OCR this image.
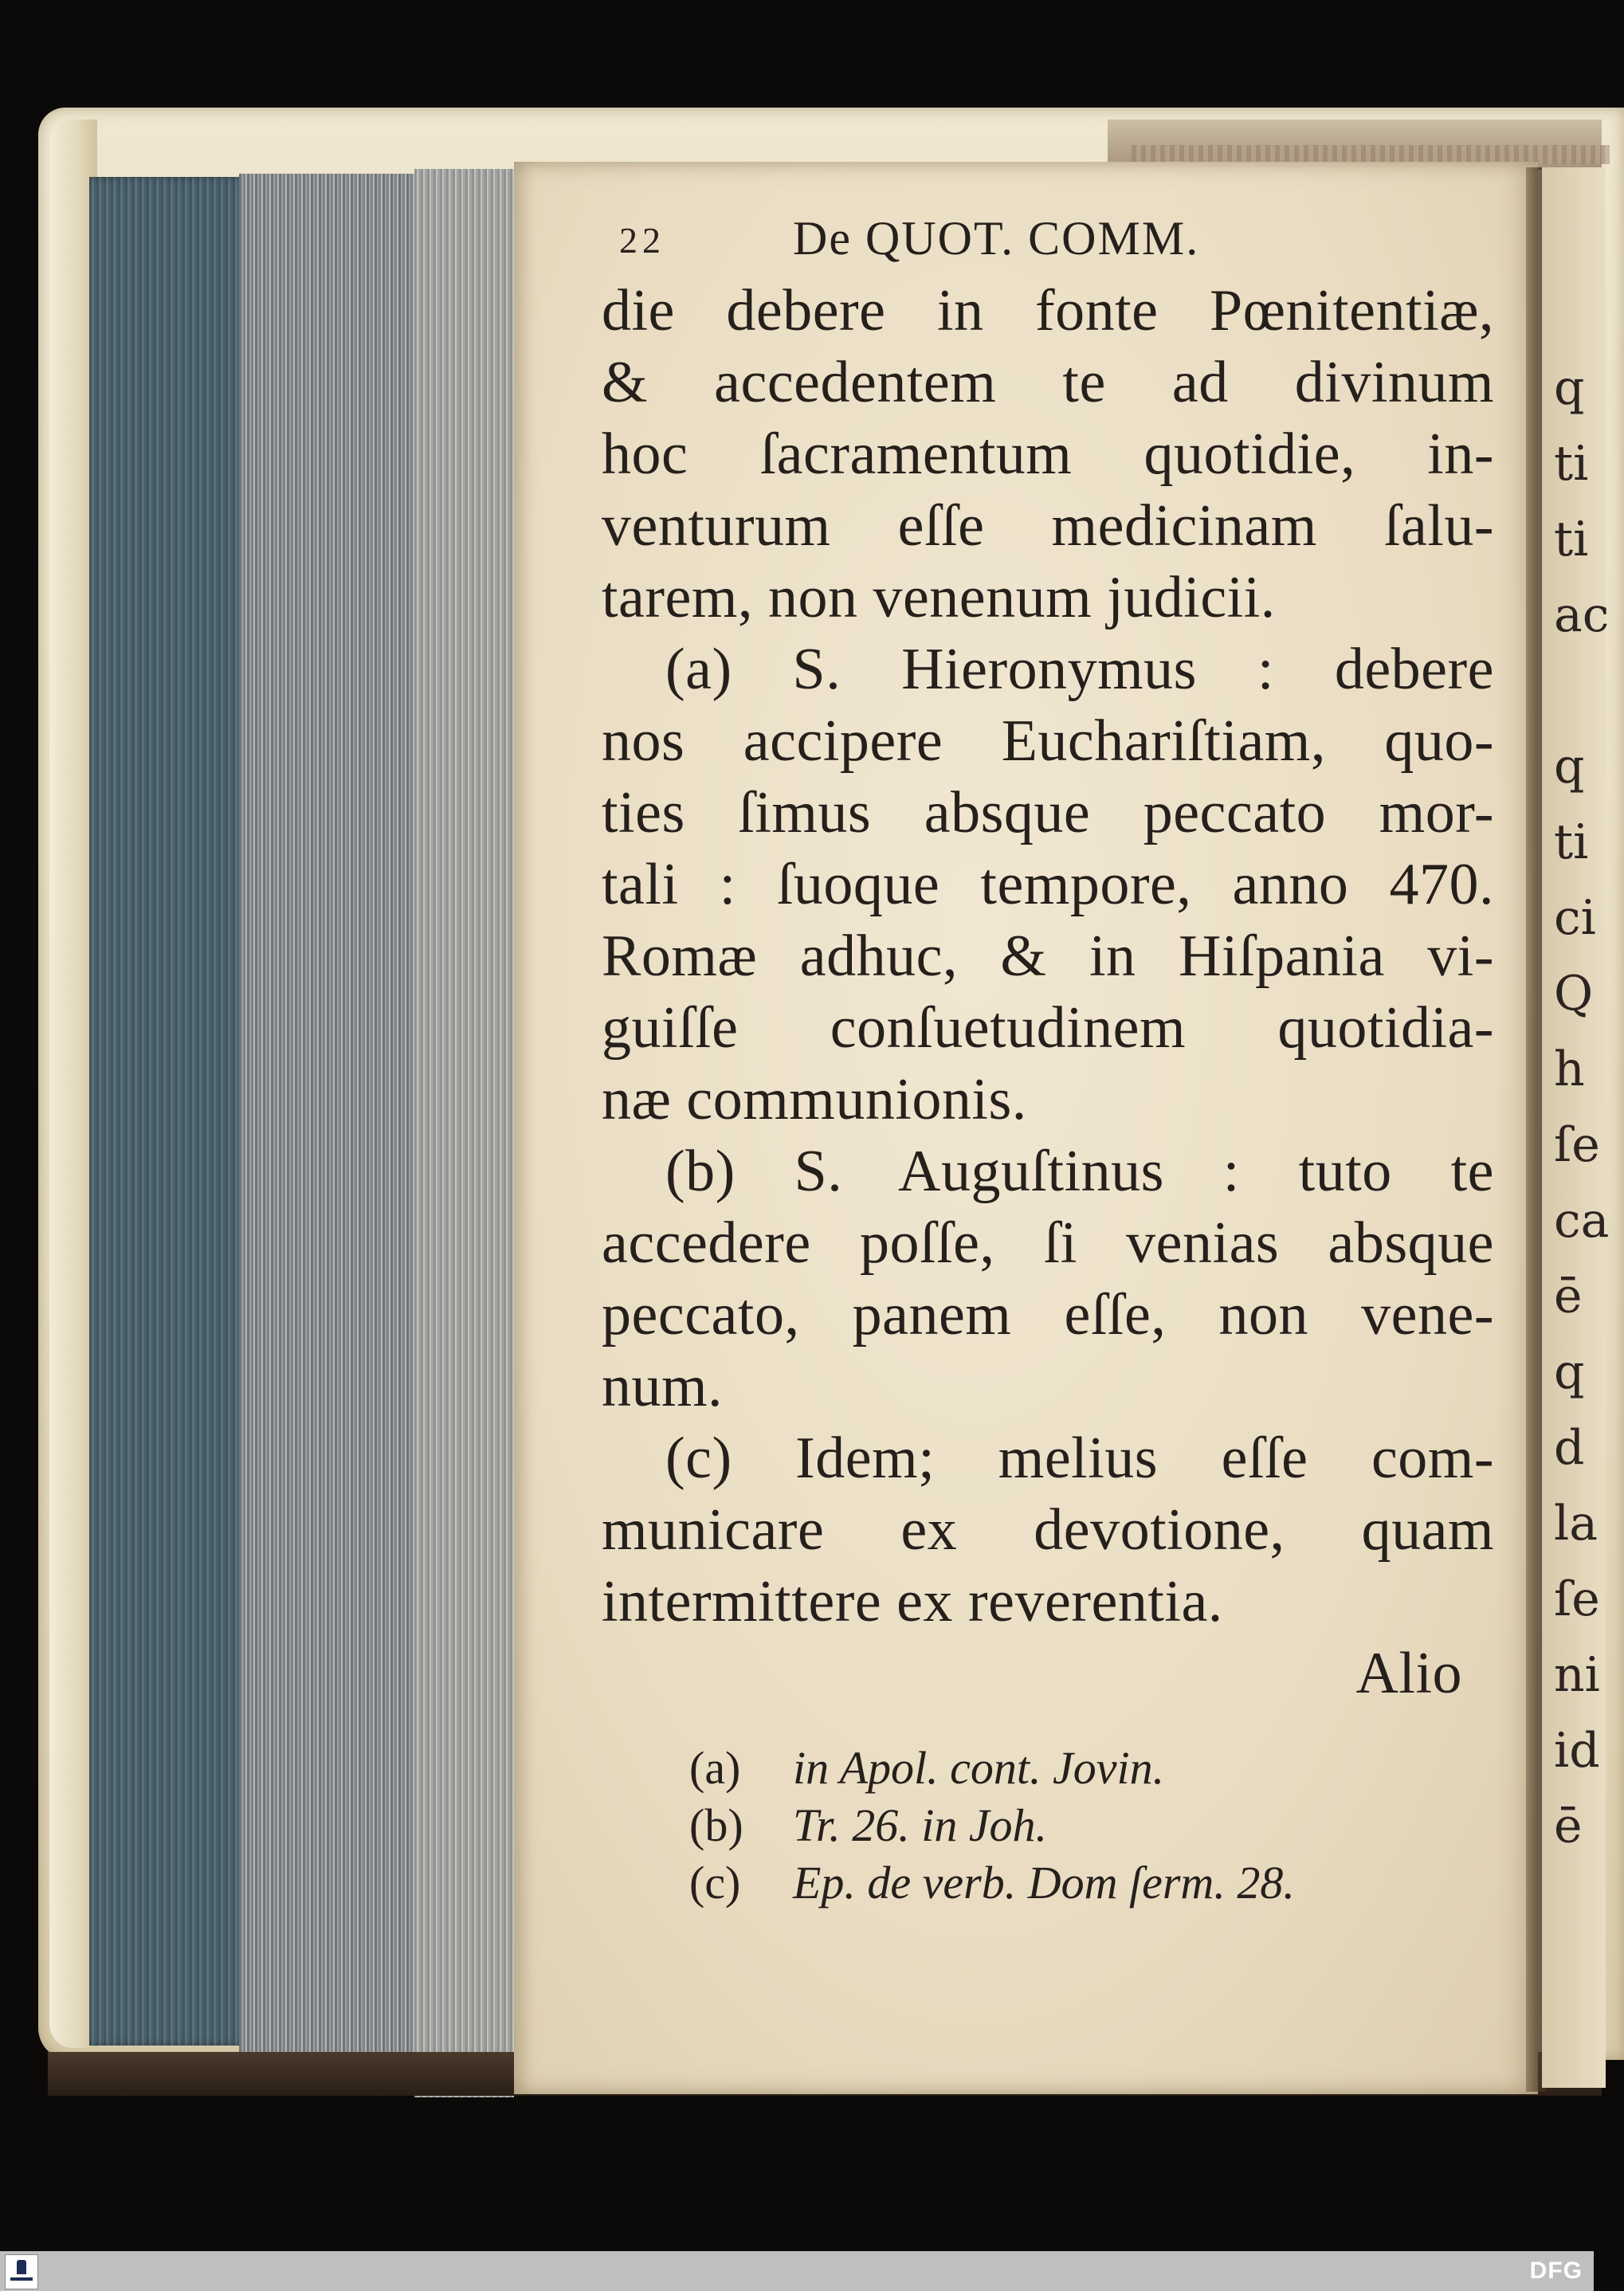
q
ti
ti
ac
q
ti
ci
Q
h
ſe
ca
ē
q
d
la
ſe
ni
id
ē
22	De QUOT. COMM.
die debere in fonte Pœnitentiæ,
& accedentem te ad divinum
hoc ſacramentum quotidie, in-
venturum eſſe medicinam ſalu-
tarem, non venenum judicii.
(a) S. Hieronymus : debere
nos accipere Euchariſtiam, quo-
ties ſimus absque peccato mor-
tali : ſuoque tempore, anno 470.
Romæ adhuc, & in Hiſpania vi-
guiſſe conſuetudinem quotidia-
næ communionis.
(b) S. Auguſtinus : tuto te
accedere poſſe, ſi venias absque
peccato, panem eſſe, non vene-
num.
(c) Idem; melius eſſe com-
municare ex devotione, quam
intermittere ex reverentia.
Alio
(a) in Apol. cont. Jovin.
(b) Tr. 26. in Joh.
(c) Ep. de verb. Dom ſerm. 28.
DFG
